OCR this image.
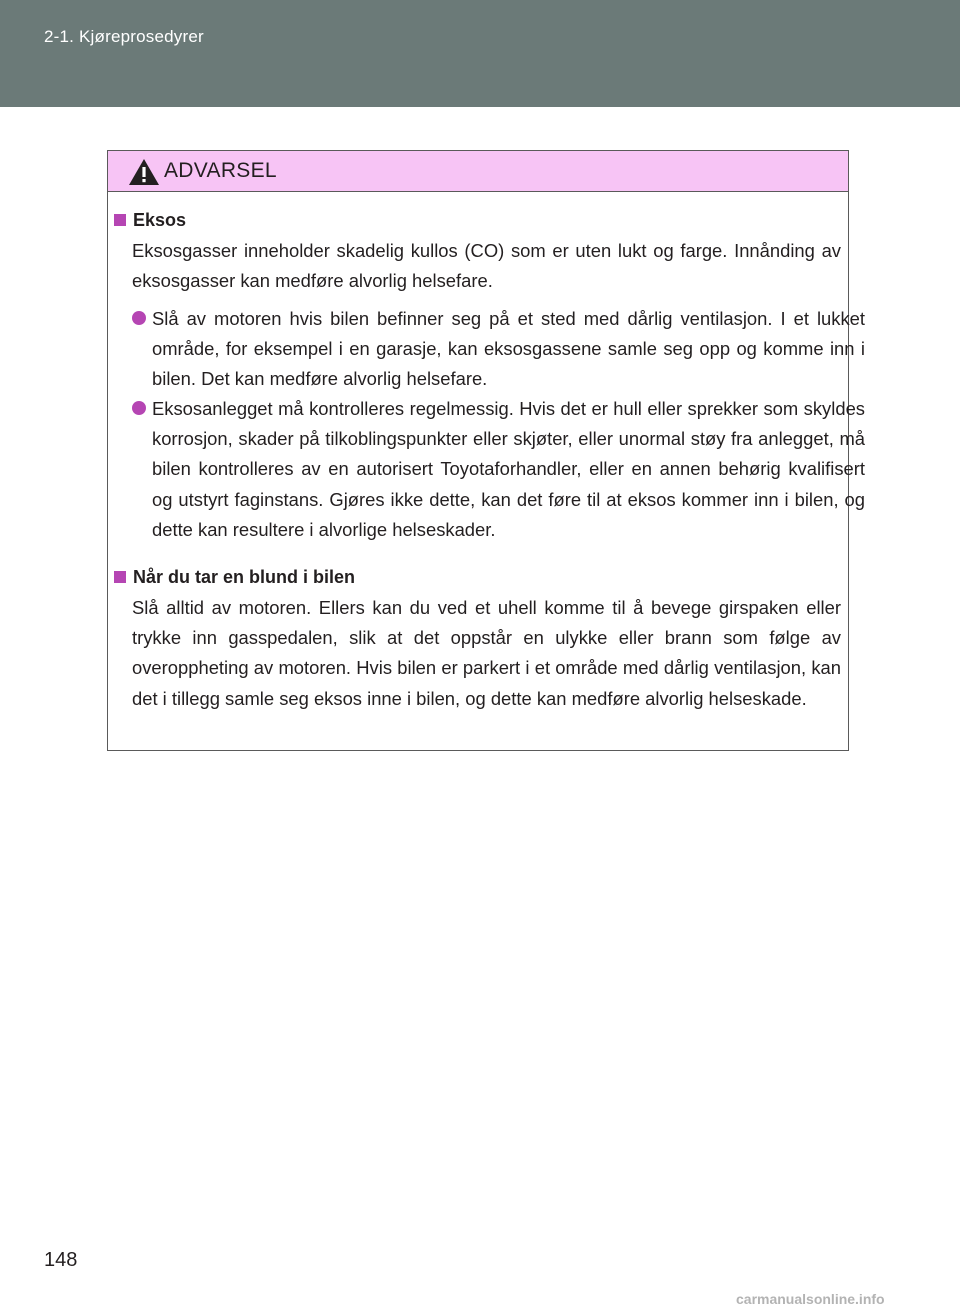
2-1. Kjøreprosedyrer
ADVARSEL
Eksos

Eksosgasser inneholder skadelig kullos (CO) som er uten lukt og farge. Innånding av eksosgasser kan medføre alvorlig helsefare.

Slå av motoren hvis bilen befinner seg på et sted med dårlig ventilasjon. I et lukket område, for eksempel i en garasje, kan eksosgassene samle seg opp og komme inn i bilen. Det kan medføre alvorlig helsefare.

Eksosanlegget må kontrolleres regelmessig. Hvis det er hull eller sprekker som skyldes korrosjon, skader på tilkoblingspunkter eller skjøter, eller unormal støy fra anlegget, må bilen kontrolleres av en autorisert Toyotaforhandler, eller en annen behørig kvalifisert og utstyrt faginstans. Gjøres ikke dette, kan det føre til at eksos kommer inn i bilen, og dette kan resultere i alvorlige helseskader.

Når du tar en blund i bilen

Slå alltid av motoren. Ellers kan du ved et uhell komme til å bevege girspaken eller trykke inn gasspedalen, slik at det oppstår en ulykke eller brann som følge av overoppheting av motoren. Hvis bilen er parkert i et område med dårlig ventilasjon, kan det i tillegg samle seg eksos inne i bilen, og dette kan medføre alvorlig helseskade.

148
carmanualsonline.info
